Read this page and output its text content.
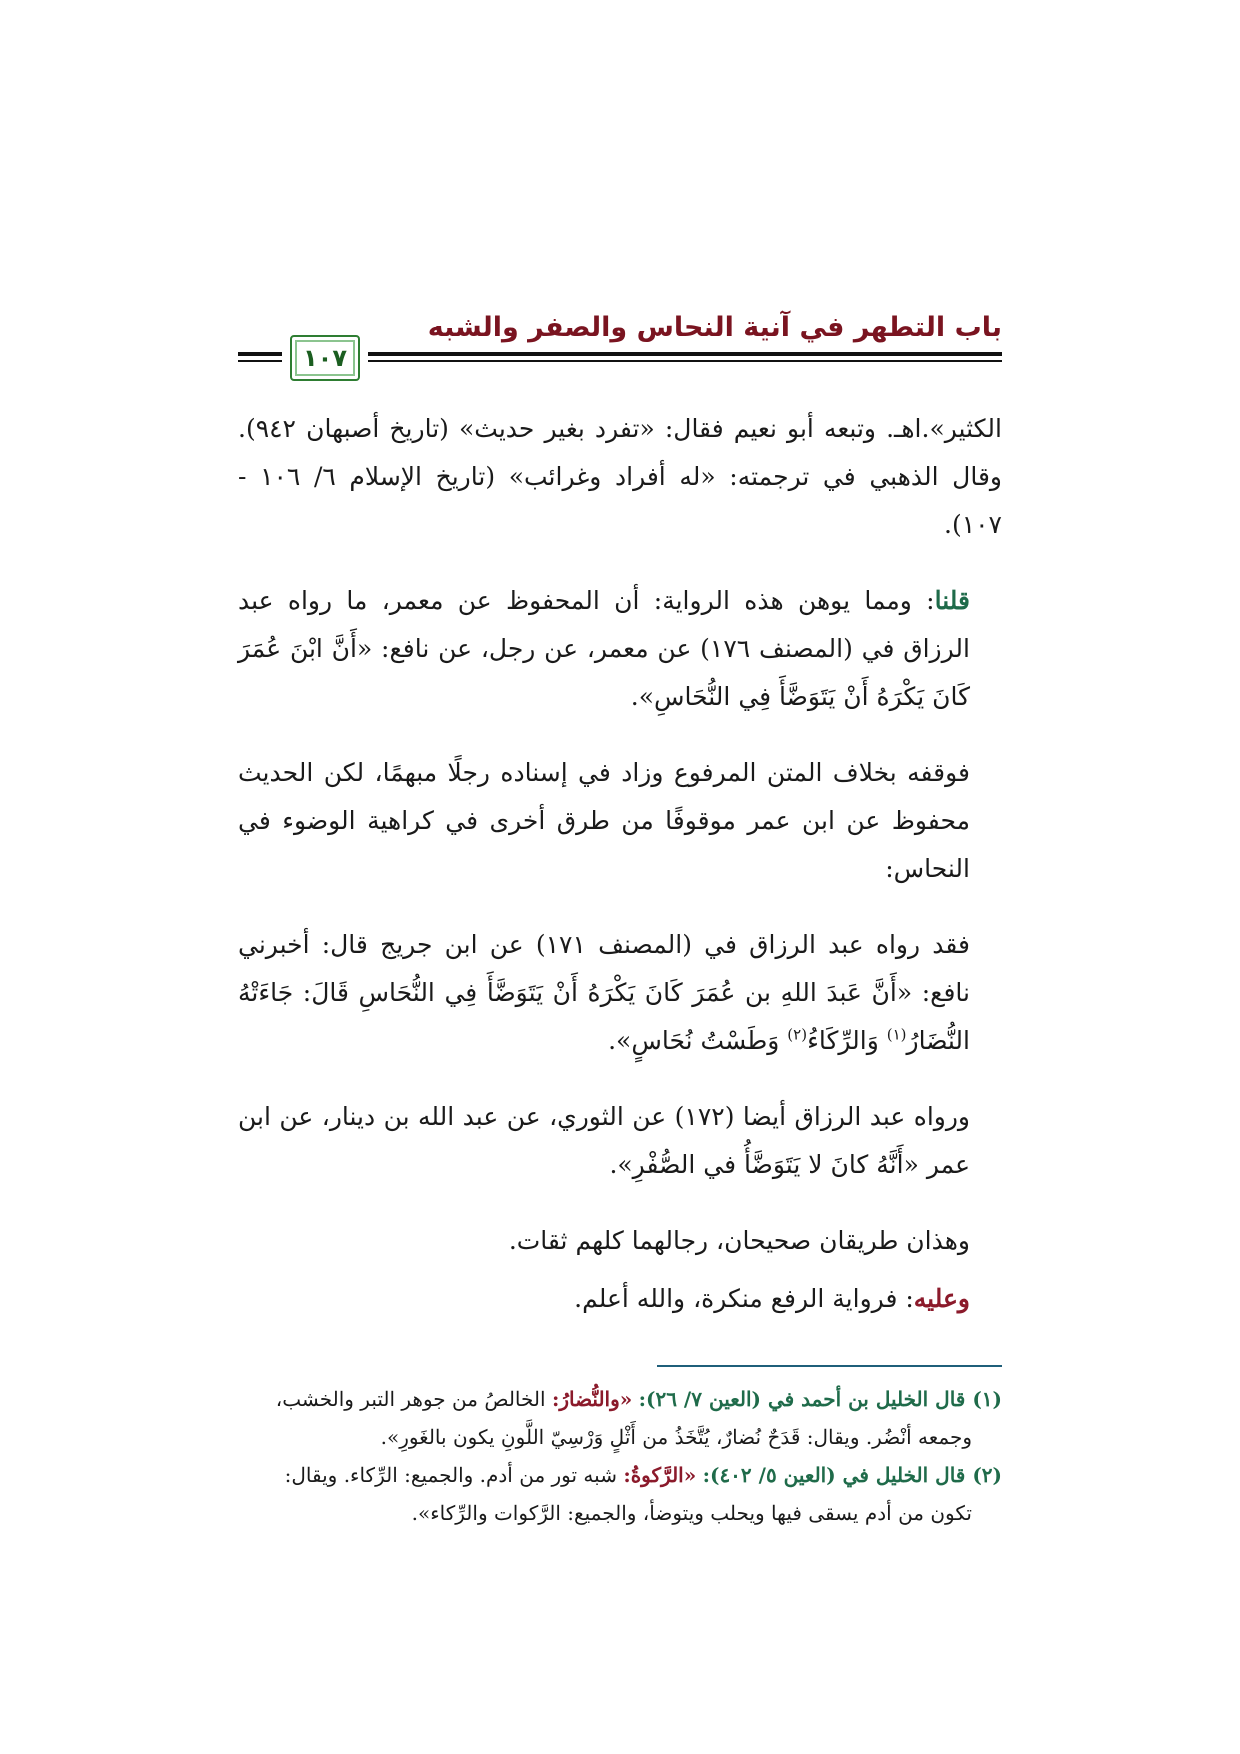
باب التطهر في آنية النحاس والصفر والشبه
١٠٧

الكثير».اهـ. وتبعه أبو نعيم فقال: «تفرد بغير حديث» (تاريخ أصبهان ٩٤٢). وقال الذهبي في ترجمته: «له أفراد وغرائب» (تاريخ الإسلام ٦/ ١٠٦ - ١٠٧).

قلنا: ومما يوهن هذه الرواية: أن المحفوظ عن معمر، ما رواه عبد الرزاق في (المصنف ١٧٦) عن معمر، عن رجل، عن نافع: «أَنَّ ابْنَ عُمَرَ كَانَ يَكْرَهُ أَنْ يَتَوَضَّأَ فِي النُّحَاسِ».

فوقفه بخلاف المتن المرفوع وزاد في إسناده رجلًا مبهمًا، لكن الحديث محفوظ عن ابن عمر موقوفًا من طرق أخرى في كراهية الوضوء في النحاس:

فقد رواه عبد الرزاق في (المصنف ١٧١) عن ابن جريج قال: أخبرني نافع: «أَنَّ عَبدَ اللهِ بن عُمَرَ كَانَ يَكْرَهُ أَنْ يَتَوَضَّأَ فِي النُّحَاسِ قَالَ: جَاءَتْهُ النُّضَارُ$^{(١)}$ وَالرِّكَاءُ$^{(٢)}$ وَطَسْتُ نُحَاسٍ».

ورواه عبد الرزاق أيضا (١٧٢) عن الثوري، عن عبد الله بن دينار، عن ابن عمر «أَنَّهُ كانَ لا يَتَوَضَّأُ في الصُّفْرِ».

وهذان طريقان صحيحان، رجالهما كلهم ثقات.

وعليه: فرواية الرفع منكرة، والله أعلم.

(١) قال الخليل بن أحمد في (العين ٧/ ٢٦): «والنُّضارُ: الخالصُ من جوهر التبر والخشب،

وجمعه أنْضُر. ويقال: قَدَحٌ نُضارٌ، يُتَّخَذُ من أَثْلٍ وَرْسِيّ اللَّونِ يكون بالغَورِ».

(٢) قال الخليل في (العين ٥/ ٤٠٢): «الرَّكوةُ: شبه تور من أدم. والجميع: الرِّكاء. ويقال:

تكون من أدم يسقى فيها ويحلب ويتوضأ، والجميع: الرَّكوات والرِّكاء».
